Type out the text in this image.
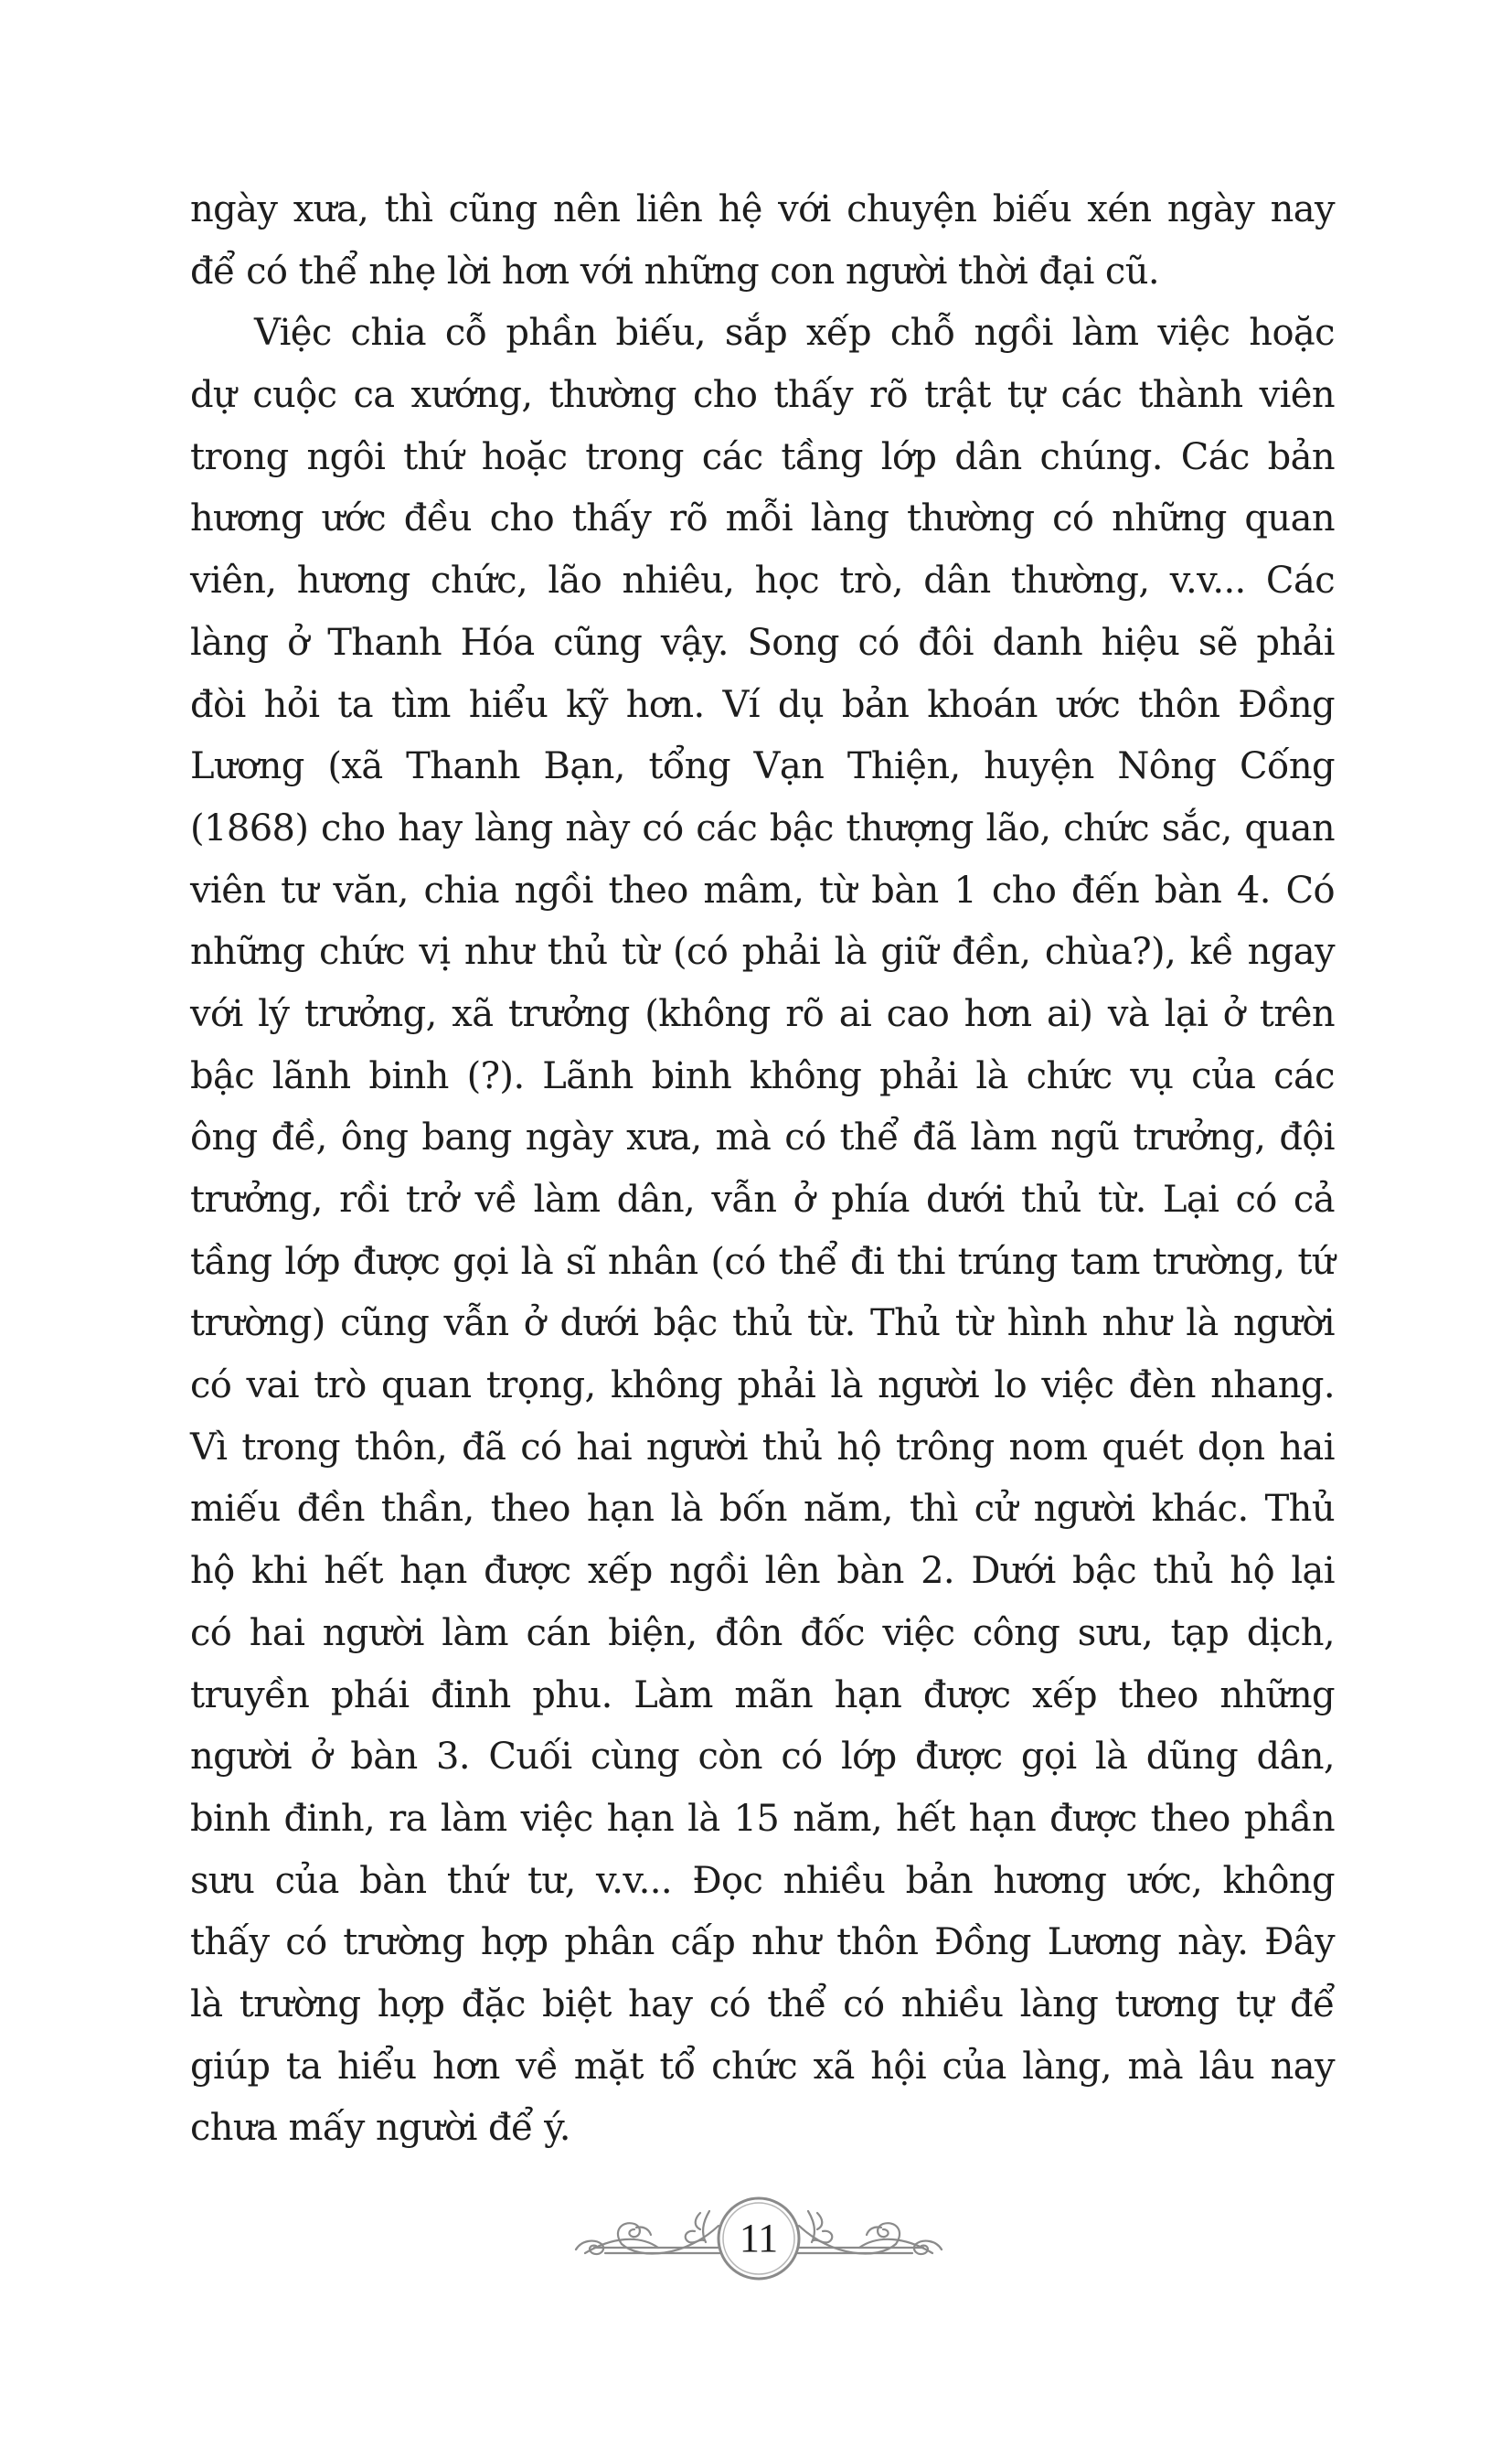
ngày xưa, thì cũng nên liên hệ với chuyện biếu xén ngày nay
để có thể nhẹ lời hơn với những con người thời đại cũ.
Việc chia cỗ phần biếu, sắp xếp chỗ ngồi làm việc hoặc
dự cuộc ca xướng, thường cho thấy rõ trật tự các thành viên
trong ngôi thứ hoặc trong các tầng lớp dân chúng. Các bản
hương ước đều cho thấy rõ mỗi làng thường có những quan
viên, hương chức, lão nhiêu, học trò, dân thường, v.v... Các
làng ở Thanh Hóa cũng vậy. Song có đôi danh hiệu sẽ phải
đòi hỏi ta tìm hiểu kỹ hơn. Ví dụ bản khoán ước thôn Đồng
Lương (xã Thanh Bạn, tổng Vạn Thiện, huyện Nông Cống
(1868) cho hay làng này có các bậc thượng lão, chức sắc, quan
viên tư văn, chia ngồi theo mâm, từ bàn 1 cho đến bàn 4. Có
những chức vị như thủ từ (có phải là giữ đền, chùa?), kề ngay
với lý trưởng, xã trưởng (không rõ ai cao hơn ai) và lại ở trên
bậc lãnh binh (?). Lãnh binh không phải là chức vụ của các
ông đề, ông bang ngày xưa, mà có thể đã làm ngũ trưởng, đội
trưởng, rồi trở về làm dân, vẫn ở phía dưới thủ từ. Lại có cả
tầng lớp được gọi là sĩ nhân (có thể đi thi trúng tam trường, tứ
trường) cũng vẫn ở dưới bậc thủ từ. Thủ từ hình như là người
có vai trò quan trọng, không phải là người lo việc đèn nhang.
Vì trong thôn, đã có hai người thủ hộ trông nom quét dọn hai
miếu đền thần, theo hạn là bốn năm, thì cử người khác. Thủ
hộ khi hết hạn được xếp ngồi lên bàn 2. Dưới bậc thủ hộ lại
có hai người làm cán biện, đôn đốc việc công sưu, tạp dịch,
truyền phái đinh phu. Làm mãn hạn được xếp theo những
người ở bàn 3. Cuối cùng còn có lớp được gọi là dũng dân,
binh đinh, ra làm việc hạn là 15 năm, hết hạn được theo phần
sưu của bàn thứ tư, v.v... Đọc nhiều bản hương ước, không
thấy có trường hợp phân cấp như thôn Đồng Lương này. Đây
là trường hợp đặc biệt hay có thể có nhiều làng tương tự để
giúp ta hiểu hơn về mặt tổ chức xã hội của làng, mà lâu nay
chưa mấy người để ý.
11
